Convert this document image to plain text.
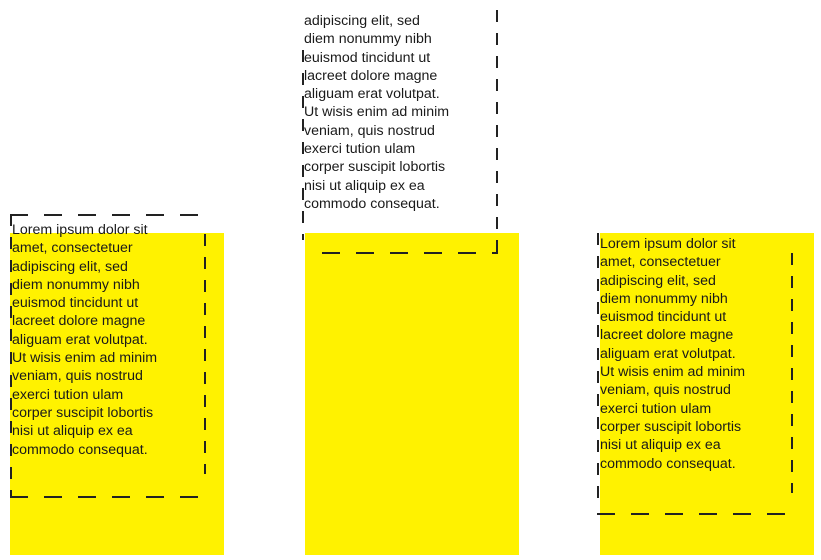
Lorem ipsum dolor sit
amet, consectetuer
adipiscing elit, sed
diem nonummy nibh
euismod tincidunt ut
lacreet dolore magne
aliguam erat volutpat.
Ut wisis enim ad minim
veniam, quis nostrud
exerci tution ulam
corper suscipit lobortis
nisi ut aliquip ex ea
commodo consequat.
adipiscing elit, sed
diem nonummy nibh
euismod tincidunt ut
lacreet dolore magne
aliguam erat volutpat.
Ut wisis enim ad minim
veniam, quis nostrud
exerci tution ulam
corper suscipit lobortis
nisi ut aliquip ex ea
commodo consequat.
Lorem ipsum dolor sit
amet, consectetuer
adipiscing elit, sed
diem nonummy nibh
euismod tincidunt ut
lacreet dolore magne
aliguam erat volutpat.
Ut wisis enim ad minim
veniam, quis nostrud
exerci tution ulam
corper suscipit lobortis
nisi ut aliquip ex ea
commodo consequat.
